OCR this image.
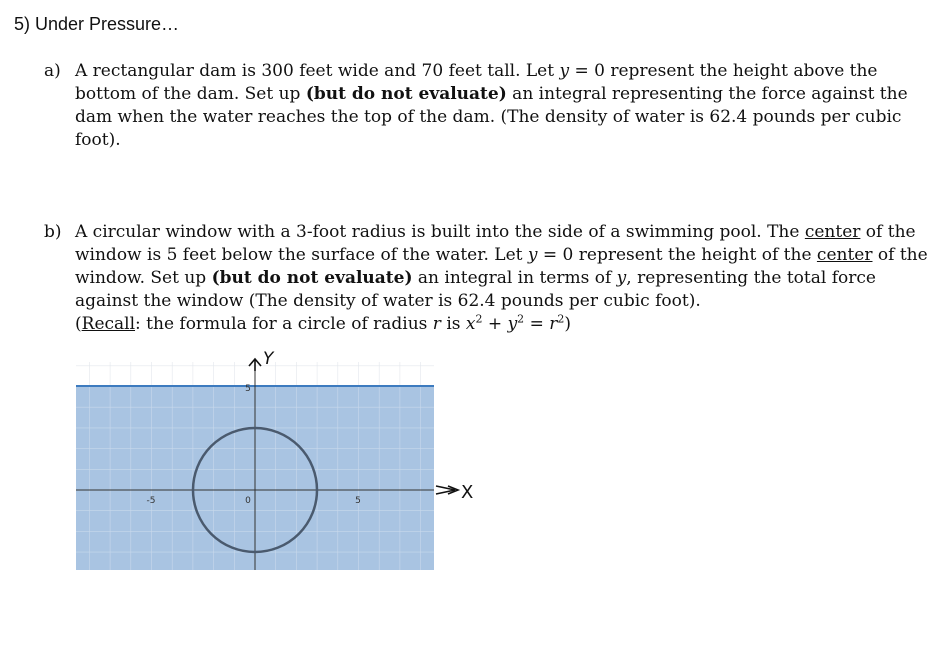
5) Under Pressure…
a) A rectangular dam is 300 feet wide and 70 feet tall. Let y = 0 represent the height above the
bottom of the dam. Set up (but do not evaluate) an integral representing the force against the
dam when the water reaches the top of the dam. (The density of water is 62.4 pounds per cubic
foot).
b) A circular window with a 3-foot radius is built into the side of a swimming pool. The center of the
window is 5 feet below the surface of the water. Let y = 0 represent the height of the center of the
window. Set up (but do not evaluate) an integral in terms of y, representing the total force
against the window (The density of water is 62.4 pounds per cubic foot).
(Recall: the formula for a circle of radius r is $x^2 + y^2 = r^2$)
-5	0	5
5
Y
X
